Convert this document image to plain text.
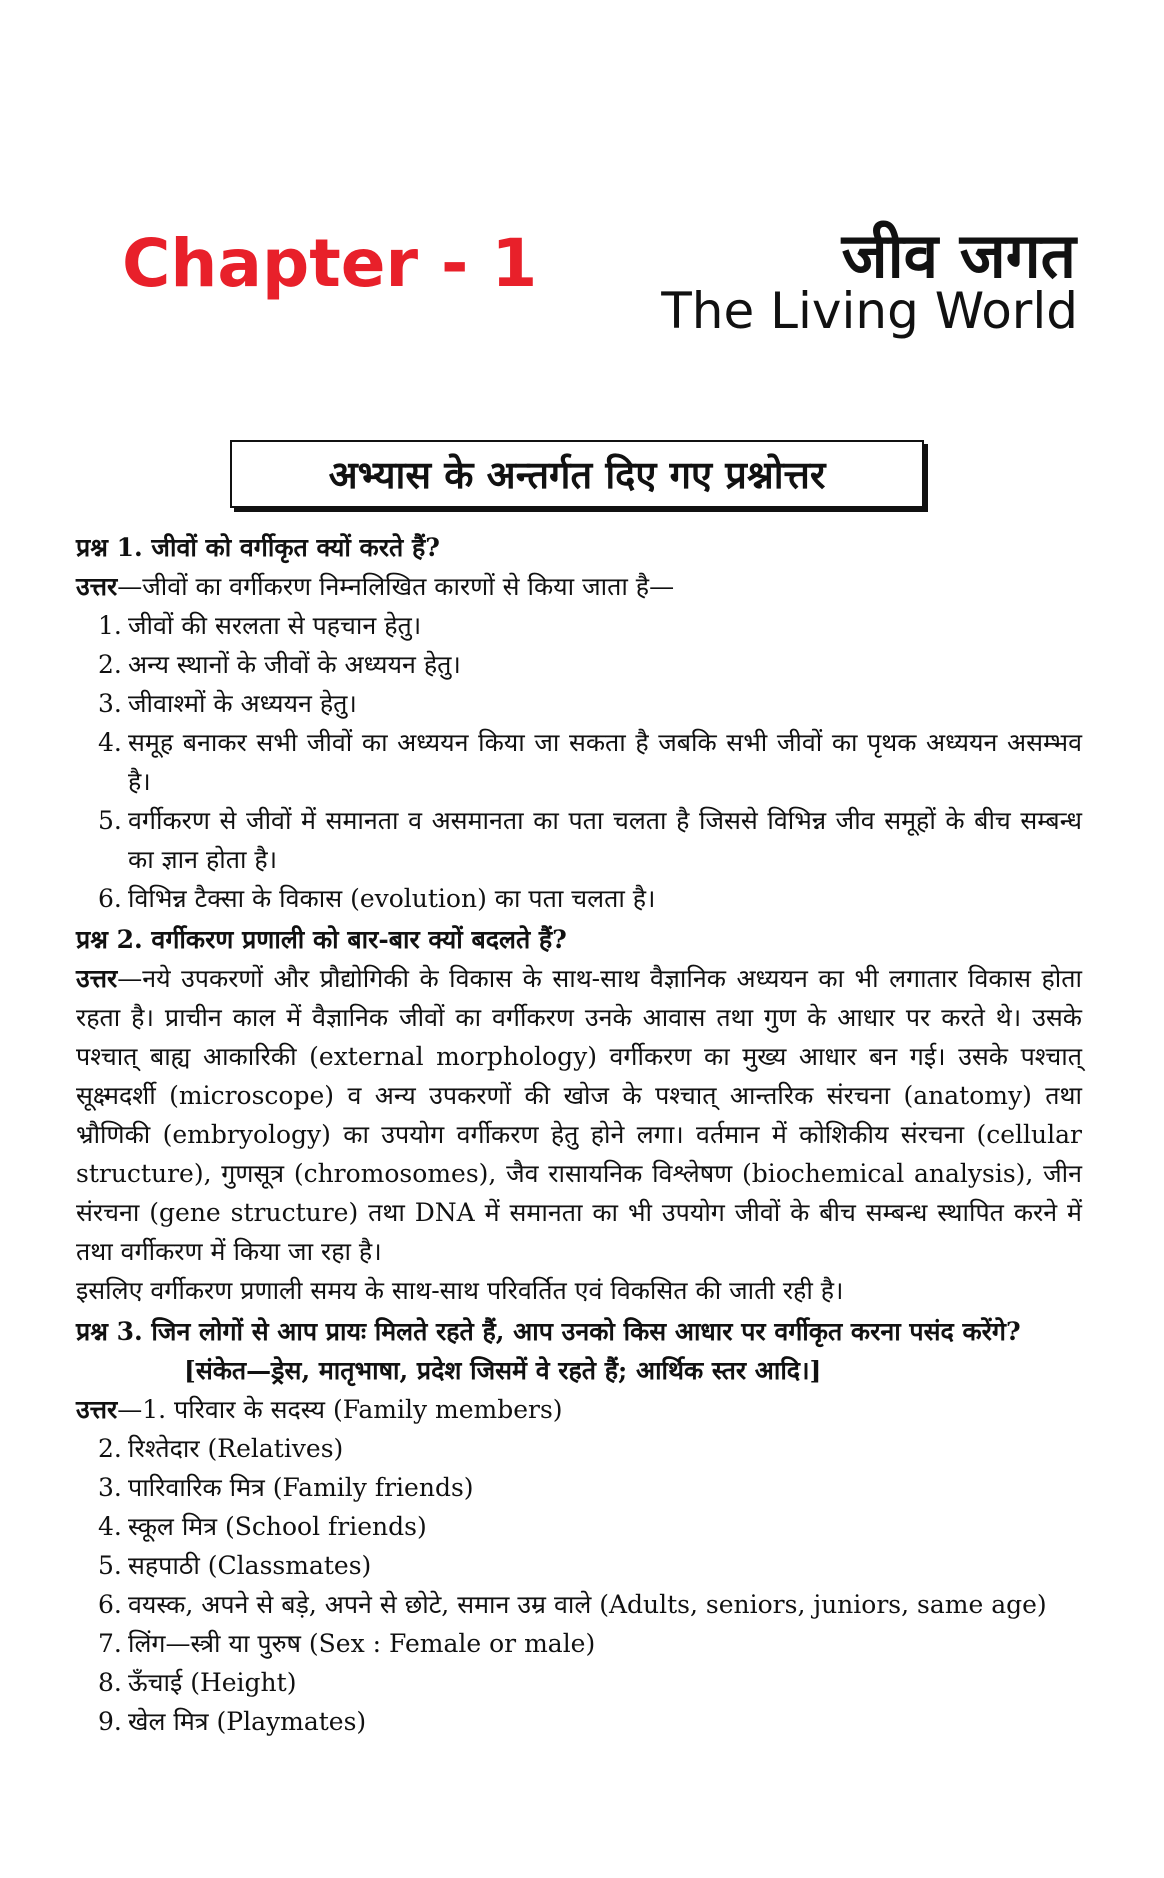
Chapter - 1	जीव जगत
The Living World
अभ्यास के अन्तर्गत दिए गए प्रश्नोत्तर

प्रश्न 1. जीवों को वर्गीकृत क्यों करते हैं?

उत्तर—जीवों का वर्गीकरण निम्नलिखित कारणों से किया जाता है—

1. जीवों की सरलता से पहचान हेतु।
2. अन्य स्थानों के जीवों के अध्ययन हेतु।
3. जीवाश्मों के अध्ययन हेतु।
4. समूह बनाकर सभी जीवों का अध्ययन किया जा सकता है जबकि सभी जीवों का पृथक अध्ययन असम्भव है।
5. वर्गीकरण से जीवों में समानता व असमानता का पता चलता है जिससे विभिन्न जीव समूहों के बीच सम्बन्ध का ज्ञान होता है।
6. विभिन्न टैक्सा के विकास (evolution) का पता चलता है।

प्रश्न 2. वर्गीकरण प्रणाली को बार-बार क्यों बदलते हैं?

उत्तर—नये उपकरणों और प्रौद्योगिकी के विकास के साथ-साथ वैज्ञानिक अध्ययन का भी लगातार विकास होता रहता है। प्राचीन काल में वैज्ञानिक जीवों का वर्गीकरण उनके आवास तथा गुण के आधार पर करते थे। उसके पश्चात् बाह्य आकारिकी (external morphology) वर्गीकरण का मुख्य आधार बन गई। उसके पश्चात् सूक्ष्मदर्शी (microscope) व अन्य उपकरणों की खोज के पश्चात् आन्तरिक संरचना (anatomy) तथा भ्रौणिकी (embryology) का उपयोग वर्गीकरण हेतु होने लगा। वर्तमान में कोशिकीय संरचना (cellular structure), गुणसूत्र (chromosomes), जैव रासायनिक विश्लेषण (biochemical analysis), जीन संरचना (gene structure) तथा DNA में समानता का भी उपयोग जीवों के बीच सम्बन्ध स्थापित करने में तथा वर्गीकरण में किया जा रहा है।

इसलिए वर्गीकरण प्रणाली समय के साथ-साथ परिवर्तित एवं विकसित की जाती रही है।

प्रश्न 3. जिन लोगों से आप प्रायः मिलते रहते हैं, आप उनको किस आधार पर वर्गीकृत करना पसंद करेंगे?

[संकेत—ड्रेस, मातृभाषा, प्रदेश जिसमें वे रहते हैं; आर्थिक स्तर आदि।]

उत्तर—1. परिवार के सदस्य (Family members)

2. रिश्तेदार (Relatives)
3. पारिवारिक मित्र (Family friends)
4. स्कूल मित्र (School friends)
5. सहपाठी (Classmates)
6. वयस्क, अपने से बड़े, अपने से छोटे, समान उम्र वाले (Adults, seniors, juniors, same age)
7. लिंग—स्त्री या पुरुष (Sex : Female or male)
8. ऊँचाई (Height)
9. खेल मित्र (Playmates)
